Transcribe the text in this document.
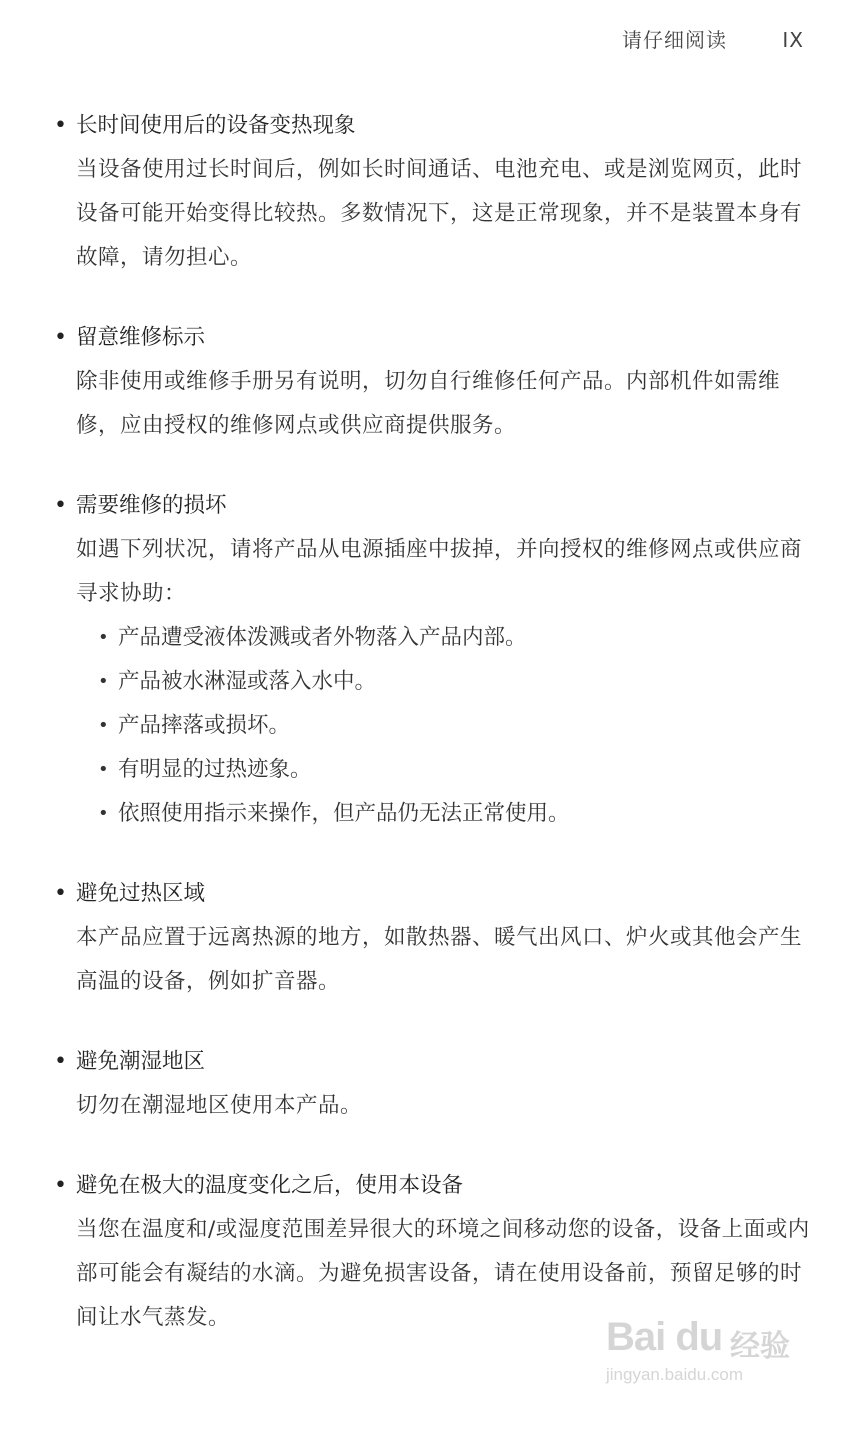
请仔细阅读	IX
• 长时间使用后的设备变热现象
当设备使用过长时间后，例如长时间通话、电池充电、或是浏览网页，此时设备可能开始变得比较热。多数情况下，这是正常现象，并不是装置本身有故障，请勿担心。
• 留意维修标示
除非使用或维修手册另有说明，切勿自行维修任何产品。内部机件如需维修，应由授权的维修网点或供应商提供服务。
• 需要维修的损坏
如遇下列状况，请将产品从电源插座中拔掉，并向授权的维修网点或供应商寻求协助：
• 产品遭受液体泼溅或者外物落入产品内部。
• 产品被水淋湿或落入水中。
• 产品摔落或损坏。
• 有明显的过热迹象。
• 依照使用指示来操作，但产品仍无法正常使用。
• 避免过热区域
本产品应置于远离热源的地方，如散热器、暖气出风口、炉火或其他会产生高温的设备，例如扩音器。
• 避免潮湿地区
切勿在潮湿地区使用本产品。
• 避免在极大的温度变化之后，使用本设备
当您在温度和/或湿度范围差异很大的环境之间移动您的设备，设备上面或内部可能会有凝结的水滴。为避免损害设备，请在使用设备前，预留足够的时间让水气蒸发。	Bai du 经验
jingyan.baidu.com
